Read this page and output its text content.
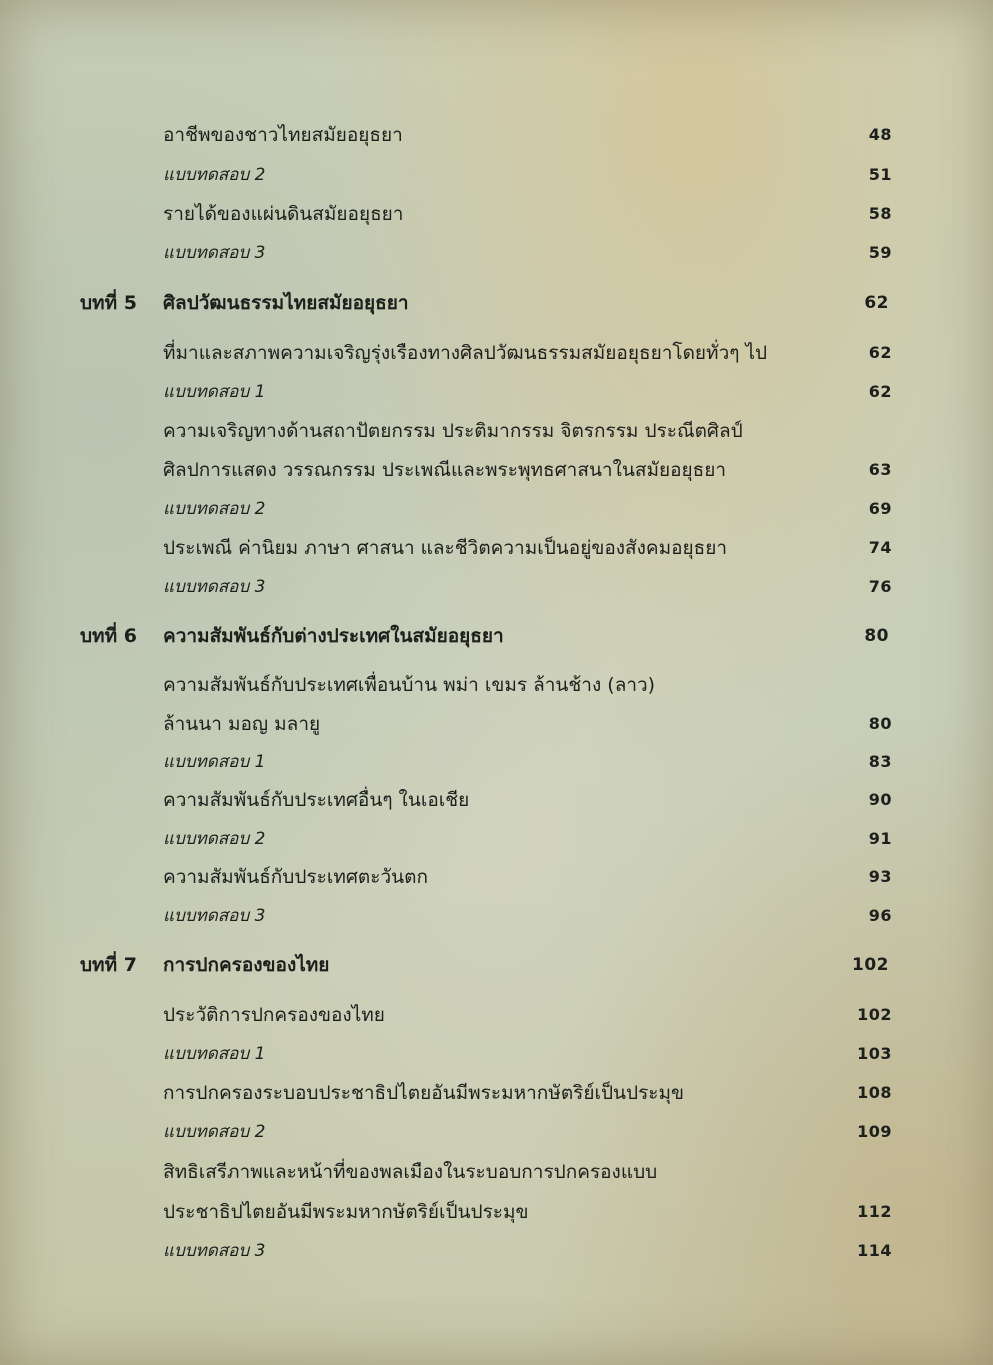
อาชีพของชาวไทยสมัยอยุธยา	48
แบบทดสอบ 2	51
รายได้ของแผ่นดินสมัยอยุธยา	58
แบบทดสอบ 3	59
บทที่ 5 ศิลปวัฒนธรรมไทยสมัยอยุธยา	62
ที่มาและสภาพความเจริญรุ่งเรืองทางศิลปวัฒนธรรมสมัยอยุธยาโดยทั่วๆ ไป	62
แบบทดสอบ 1	62
ความเจริญทางด้านสถาปัตยกรรม ประติมากรรม จิตรกรรม ประณีตศิลป์
ศิลปการแสดง วรรณกรรม ประเพณีและพระพุทธศาสนาในสมัยอยุธยา	63
แบบทดสอบ 2	69
ประเพณี ค่านิยม ภาษา ศาสนา และชีวิตความเป็นอยู่ของสังคมอยุธยา	74
แบบทดสอบ 3	76
บทที่ 6 ความสัมพันธ์กับต่างประเทศในสมัยอยุธยา	80
ความสัมพันธ์กับประเทศเพื่อนบ้าน พม่า เขมร ล้านช้าง (ลาว)
ล้านนา มอญ มลายู	80
แบบทดสอบ 1	83
ความสัมพันธ์กับประเทศอื่นๆ ในเอเชีย	90
แบบทดสอบ 2	91
ความสัมพันธ์กับประเทศตะวันตก	93
แบบทดสอบ 3	96
บทที่ 7 การปกครองของไทย	102
ประวัติการปกครองของไทย	102
แบบทดสอบ 1	103
การปกครองระบอบประชาธิปไตยอันมีพระมหากษัตริย์เป็นประมุข	108
แบบทดสอบ 2	109
สิทธิเสรีภาพและหน้าที่ของพลเมืองในระบอบการปกครองแบบ
ประชาธิปไตยอันมีพระมหากษัตริย์เป็นประมุข	112
แบบทดสอบ 3	114
